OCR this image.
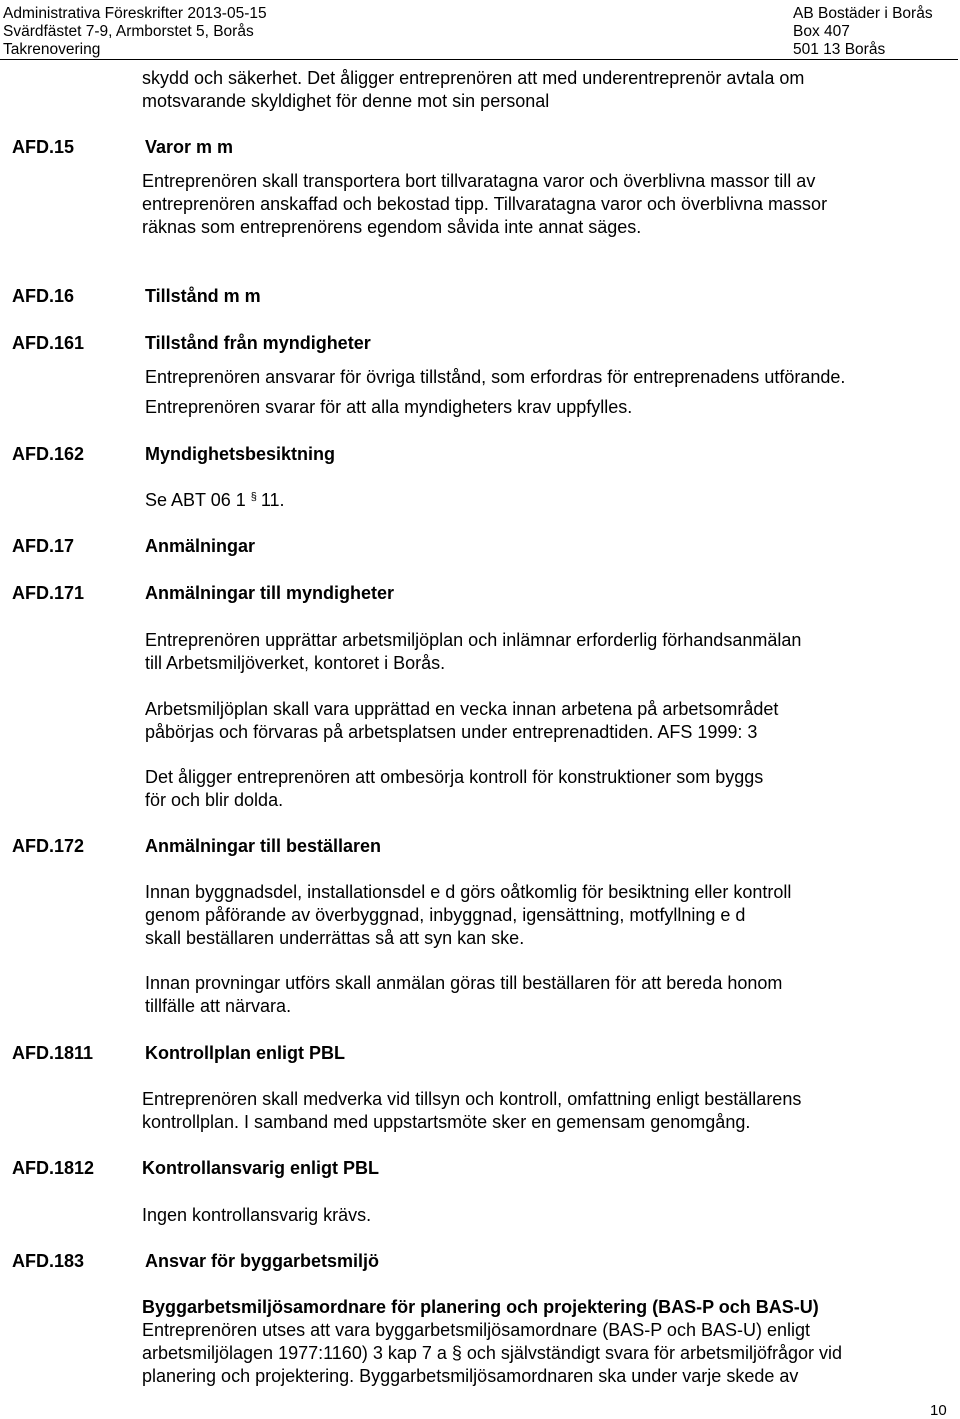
Administrativa Föreskrifter 2013-05-15
Svärdfästet 7-9, Armborstet 5, Borås
Takrenovering
AB Bostäder i Borås
Box 407
501 13 Borås
skydd och säkerhet. Det åligger entreprenören att med underentreprenör avtala om
motsvarande skyldighet för denne mot sin personal
AFD.15	Varor m m
Entreprenören skall transportera bort tillvaratagna varor och överblivna massor till av
entreprenören anskaffad och bekostad tipp. Tillvaratagna varor och överblivna massor
räknas som entreprenörens egendom såvida inte annat säges.
AFD.16	Tillstånd m m
AFD.161	Tillstånd från myndigheter
Entreprenören ansvarar för övriga tillstånd, som erfordras för entreprenadens utförande.
Entreprenören svarar för att alla myndigheters krav uppfylles.
AFD.162	Myndighetsbesiktning
Se ABT 06 1 § 11.
AFD.17	Anmälningar
AFD.171	Anmälningar till myndigheter
Entreprenören upprättar arbetsmiljöplan och inlämnar erforderlig förhandsanmälan
till Arbetsmiljöverket, kontoret i Borås.
Arbetsmiljöplan skall vara upprättad en vecka innan arbetena på arbetsområdet
påbörjas och förvaras på arbetsplatsen under entreprenadtiden. AFS 1999: 3
Det åligger entreprenören att ombesörja kontroll för konstruktioner som byggs
för och blir dolda.
AFD.172	Anmälningar till beställaren
Innan byggnadsdel, installationsdel e d görs oåtkomlig för besiktning eller kontroll
genom påförande av överbyggnad, inbyggnad, igensättning, motfyllning e d
skall beställaren underrättas så att syn kan ske.
Innan provningar utförs skall anmälan göras till beställaren för att bereda honom
tillfälle att närvara.
AFD.1811	Kontrollplan enligt PBL
Entreprenören skall medverka vid tillsyn och kontroll, omfattning enligt beställarens
kontrollplan. I samband med uppstartsmöte sker en gemensam genomgång.
AFD.1812	Kontrollansvarig enligt PBL
Ingen kontrollansvarig krävs.
AFD.183	Ansvar för byggarbetsmiljö
Byggarbetsmiljösamordnare för planering och projektering (BAS-P och BAS-U)
Entreprenören utses att vara byggarbetsmiljösamordnare (BAS-P och BAS-U) enligt
arbetsmiljölagen 1977:1160) 3 kap 7 a § och självständigt svara för arbetsmiljöfrågor vid
planering och projektering. Byggarbetsmiljösamordnaren ska under varje skede av
10
